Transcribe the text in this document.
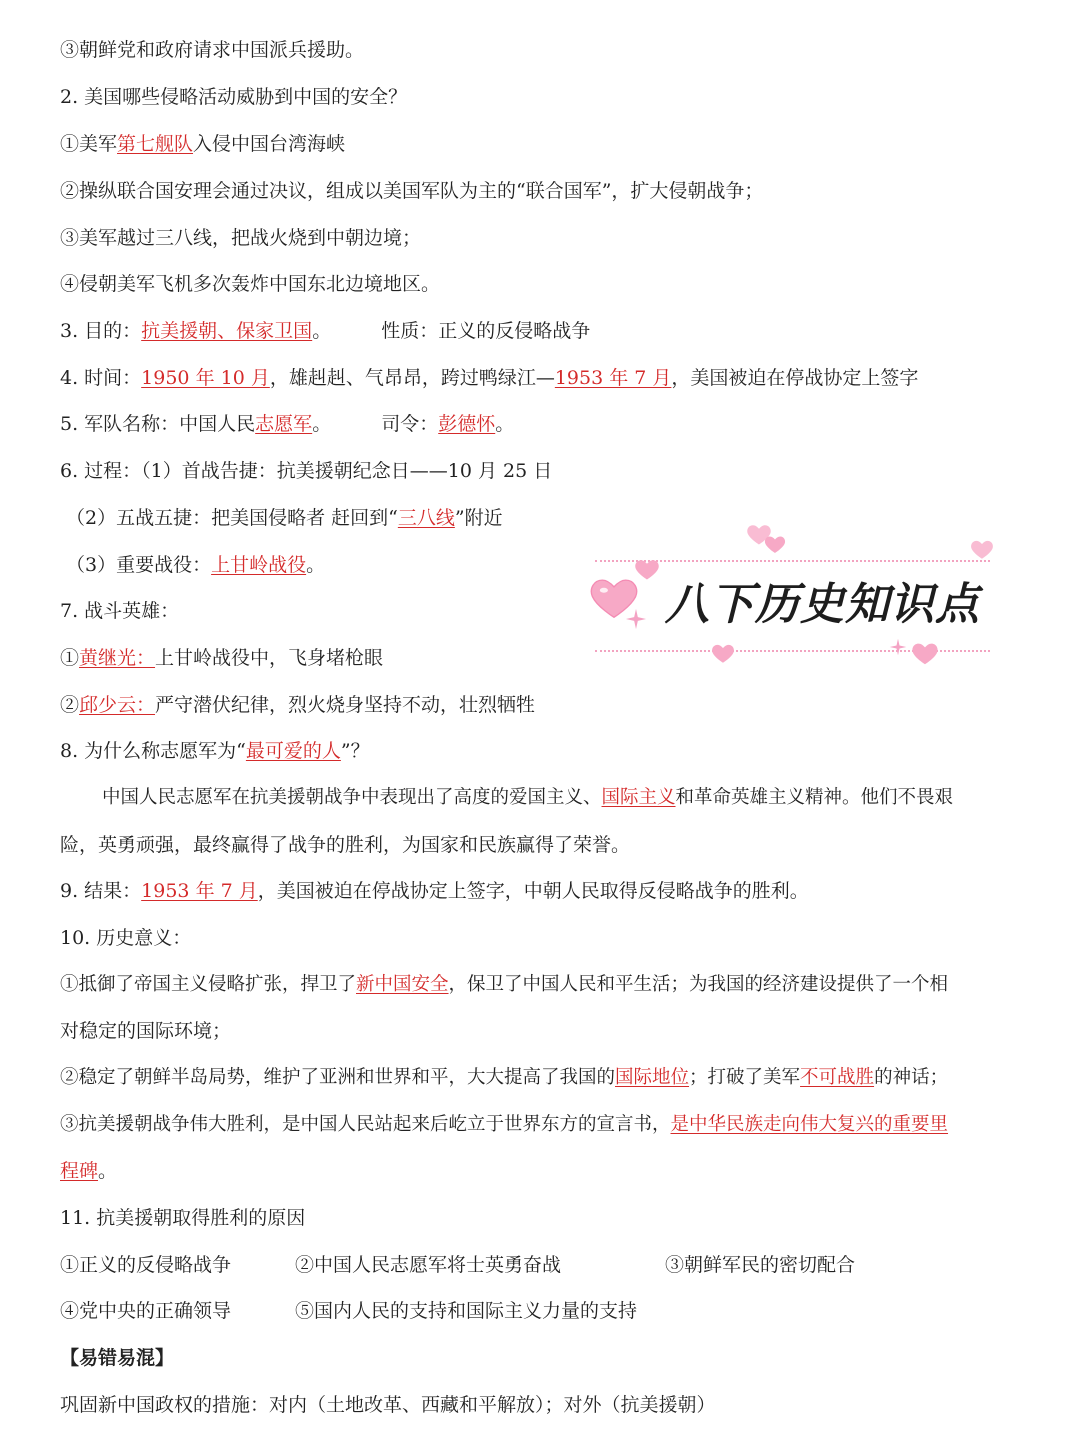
③朝鲜党和政府请求中国派兵援助。
2. 美国哪些侵略活动威胁到中国的安全？
①美军第七舰队入侵中国台湾海峡
②操纵联合国安理会通过决议，组成以美国军队为主的“联合国军”，扩大侵朝战争；
③美军越过三八线，把战火烧到中朝边境；
④侵朝美军飞机多次轰炸中国东北边境地区。
3. 目的：抗美援朝、保家卫国。	性质：正义的反侵略战争
4. 时间：1950 年 10 月，雄赳赳、气昂昂，跨过鸭绿江—1953 年 7 月，美国被迫在停战协定上签字
5. 军队名称：中国人民志愿军。	司令：彭德怀。
6. 过程：（1）首战告捷：抗美援朝纪念日——10 月 25 日
（2）五战五捷：把美国侵略者 赶回到“三八线”附近
（3）重要战役：上甘岭战役。
7. 战斗英雄：
①黄继光：上甘岭战役中，飞身堵枪眼
②邱少云：严守潜伏纪律，烈火烧身坚持不动，壮烈牺牲
8. 为什么称志愿军为“最可爱的人”？
中国人民志愿军在抗美援朝战争中表现出了高度的爱国主义、国际主义和革命英雄主义精神。他们不畏艰
险，英勇顽强，最终赢得了战争的胜利，为国家和民族赢得了荣誉。
9. 结果：1953 年 7 月，美国被迫在停战协定上签字，中朝人民取得反侵略战争的胜利。
10. 历史意义：
①抵御了帝国主义侵略扩张，捍卫了新中国安全，保卫了中国人民和平生活；为我国的经济建设提供了一个相
对稳定的国际环境；
②稳定了朝鲜半岛局势，维护了亚洲和世界和平，大大提高了我国的国际地位；打破了美军不可战胜的神话；
③抗美援朝战争伟大胜利，是中国人民站起来后屹立于世界东方的宣言书，是中华民族走向伟大复兴的重要里
程碑。
11. 抗美援朝取得胜利的原因
①正义的反侵略战争	②中国人民志愿军将士英勇奋战	③朝鲜军民的密切配合
④党中央的正确领导	⑤国内人民的支持和国际主义力量的支持
【易错易混】
巩固新中国政权的措施：对内（土地改革、西藏和平解放）；对外（抗美援朝）
八下历史知识点
